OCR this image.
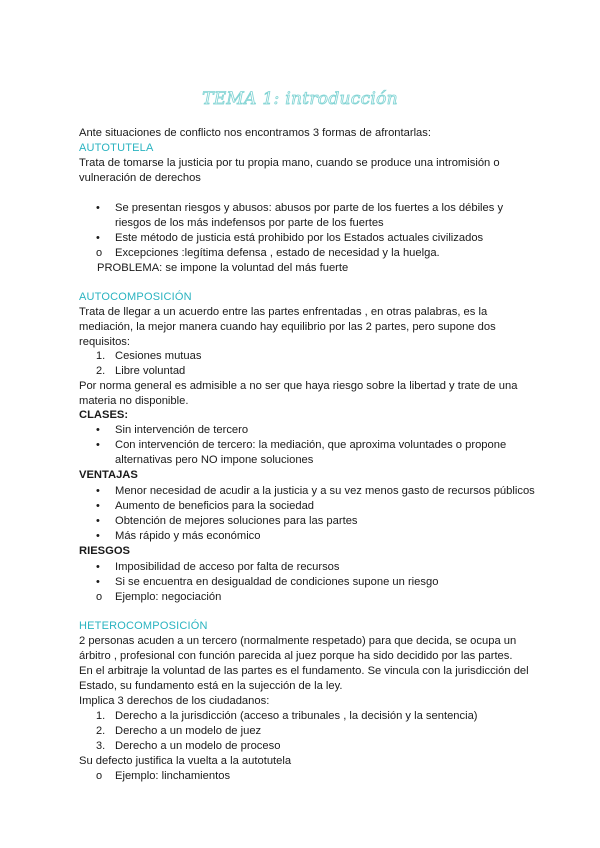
TEMA 1: introducción
Ante situaciones de conflicto nos encontramos 3 formas de afrontarlas:
AUTOTUTELA
Trata de tomarse la justicia por tu propia mano, cuando se produce una intromisión o
vulneración de derechos
• Se presentan riesgos y abusos: abusos por parte de los fuertes a los débiles y
riesgos de los más indefensos por parte de los fuertes
• Este método de justicia está prohibido por los Estados actuales civilizados
o Excepciones :legítima defensa , estado de necesidad y la huelga.
PROBLEMA: se impone la voluntad del más fuerte
AUTOCOMPOSICIÓN
Trata de llegar a un acuerdo entre las partes enfrentadas , en otras palabras, es la
mediación, la mejor manera cuando hay equilibrio por las 2 partes, pero supone dos
requisitos:
1. Cesiones mutuas
2. Libre voluntad
Por norma general es admisible a no ser que haya riesgo sobre la libertad y trate de una
materia no disponible.
CLASES:
• Sin intervención de tercero
• Con intervención de tercero: la mediación, que aproxima voluntades o propone
alternativas pero NO impone soluciones
VENTAJAS
• Menor necesidad de acudir a la justicia y a su vez menos gasto de recursos públicos
• Aumento de beneficios para la sociedad
• Obtención de mejores soluciones para las partes
• Más rápido y más económico
RIESGOS
• Imposibilidad de acceso por falta de recursos
• Si se encuentra en desigualdad de condiciones supone un riesgo
o Ejemplo: negociación
HETEROCOMPOSICIÓN
2 personas acuden a un tercero (normalmente respetado) para que decida, se ocupa un
árbitro , profesional con función parecida al juez porque ha sido decidido por las partes.
En el arbitraje la voluntad de las partes es el fundamento. Se vincula con la jurisdicción del
Estado, su fundamento está en la sujección de la ley.
Implica 3 derechos de los ciudadanos:
1. Derecho a la jurisdicción (acceso a tribunales , la decisión y la sentencia)
2. Derecho a un modelo de juez
3. Derecho a un modelo de proceso
Su defecto justifica la vuelta a la autotutela
o Ejemplo: linchamientos
